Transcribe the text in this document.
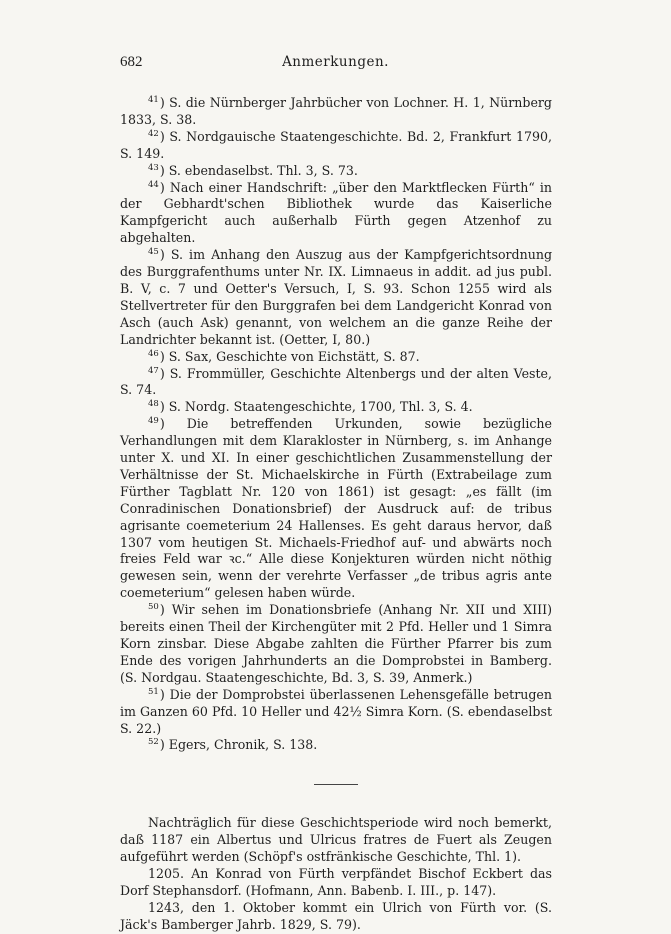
682	Anmerkungen.

$^{41}$) S. die Nürnberger Jahrbücher von Lochner. H. 1, Nürnberg 1833, S. 38.

$^{42}$) S. Nordgauische Staatengeschichte. Bd. 2, Frankfurt 1790, S. 149.

$^{43}$) S. ebendaselbst. Thl. 3, S. 73.

$^{44}$) Nach einer Handschrift: „über den Marktflecken Fürth“ in der Gebhardt'schen Bibliothek wurde das Kaiserliche Kampfgericht auch außerhalb Fürth gegen Atzenhof zu abgehalten.

$^{45}$) S. im Anhang den Auszug aus der Kampfgerichtsordnung des Burggrafenthums unter Nr. IX. Limnaeus in addit. ad jus publ. B. V, c. 7 und Oetter's Versuch, I, S. 93. Schon 1255 wird als Stellvertreter für den Burggrafen bei dem Landgericht Konrad von Asch (auch Ask) genannt, von welchem an die ganze Reihe der Landrichter bekannt ist. (Oetter, I, 80.)

$^{46}$) S. Sax, Geschichte von Eichstätt, S. 87.

$^{47}$) S. Frommüller, Geschichte Altenbergs und der alten Veste, S. 74.

$^{48}$) S. Nordg. Staatengeschichte, 1700, Thl. 3, S. 4.

$^{49}$) Die betreffenden Urkunden, sowie bezügliche Verhandlungen mit dem Klarakloster in Nürnberg, s. im Anhange unter X. und XI. In einer geschichtlichen Zusammenstellung der Verhältnisse der St. Michaelskirche in Fürth (Extrabeilage zum Fürther Tagblatt Nr. 120 von 1861) ist gesagt: „es fällt (im Conradinischen Donationsbrief) der Ausdruck auf: de tribus agrisante coemeterium 24 Hallenses. Es geht daraus hervor, daß 1307 vom heutigen St. Michaels-Friedhof auf- und abwärts noch freies Feld war ꝛc.“ Alle diese Konjekturen würden nicht nöthig gewesen sein, wenn der verehrte Verfasser „de tribus agris ante coemeterium“ gelesen haben würde.

$^{50}$) Wir sehen im Donationsbriefe (Anhang Nr. XII und XIII) bereits einen Theil der Kirchengüter mit 2 Pfd. Heller und 1 Simra Korn zinsbar. Diese Abgabe zahlten die Fürther Pfarrer bis zum Ende des vorigen Jahrhunderts an die Domprobstei in Bamberg. (S. Nordgau. Staatengeschichte, Bd. 3, S. 39, Anmerk.)

$^{51}$) Die der Domprobstei überlassenen Lehensgefälle betrugen im Ganzen 60 Pfd. 10 Heller und 42½ Simra Korn. (S. ebendaselbst S. 22.)

$^{52}$) Egers, Chronik, S. 138.

Nachträglich für diese Geschichtsperiode wird noch bemerkt, daß 1187 ein Albertus und Ulricus fratres de Fuert als Zeugen aufgeführt werden (Schöpf's ostfränkische Geschichte, Thl. 1).

1205. An Konrad von Fürth verpfändet Bischof Eckbert das Dorf Stephansdorf. (Hofmann, Ann. Babenb. I. III., p. 147).

1243, den 1. Oktober kommt ein Ulrich von Fürth vor. (S. Jäck's Bamberger Jahrb. 1829, S. 79).
